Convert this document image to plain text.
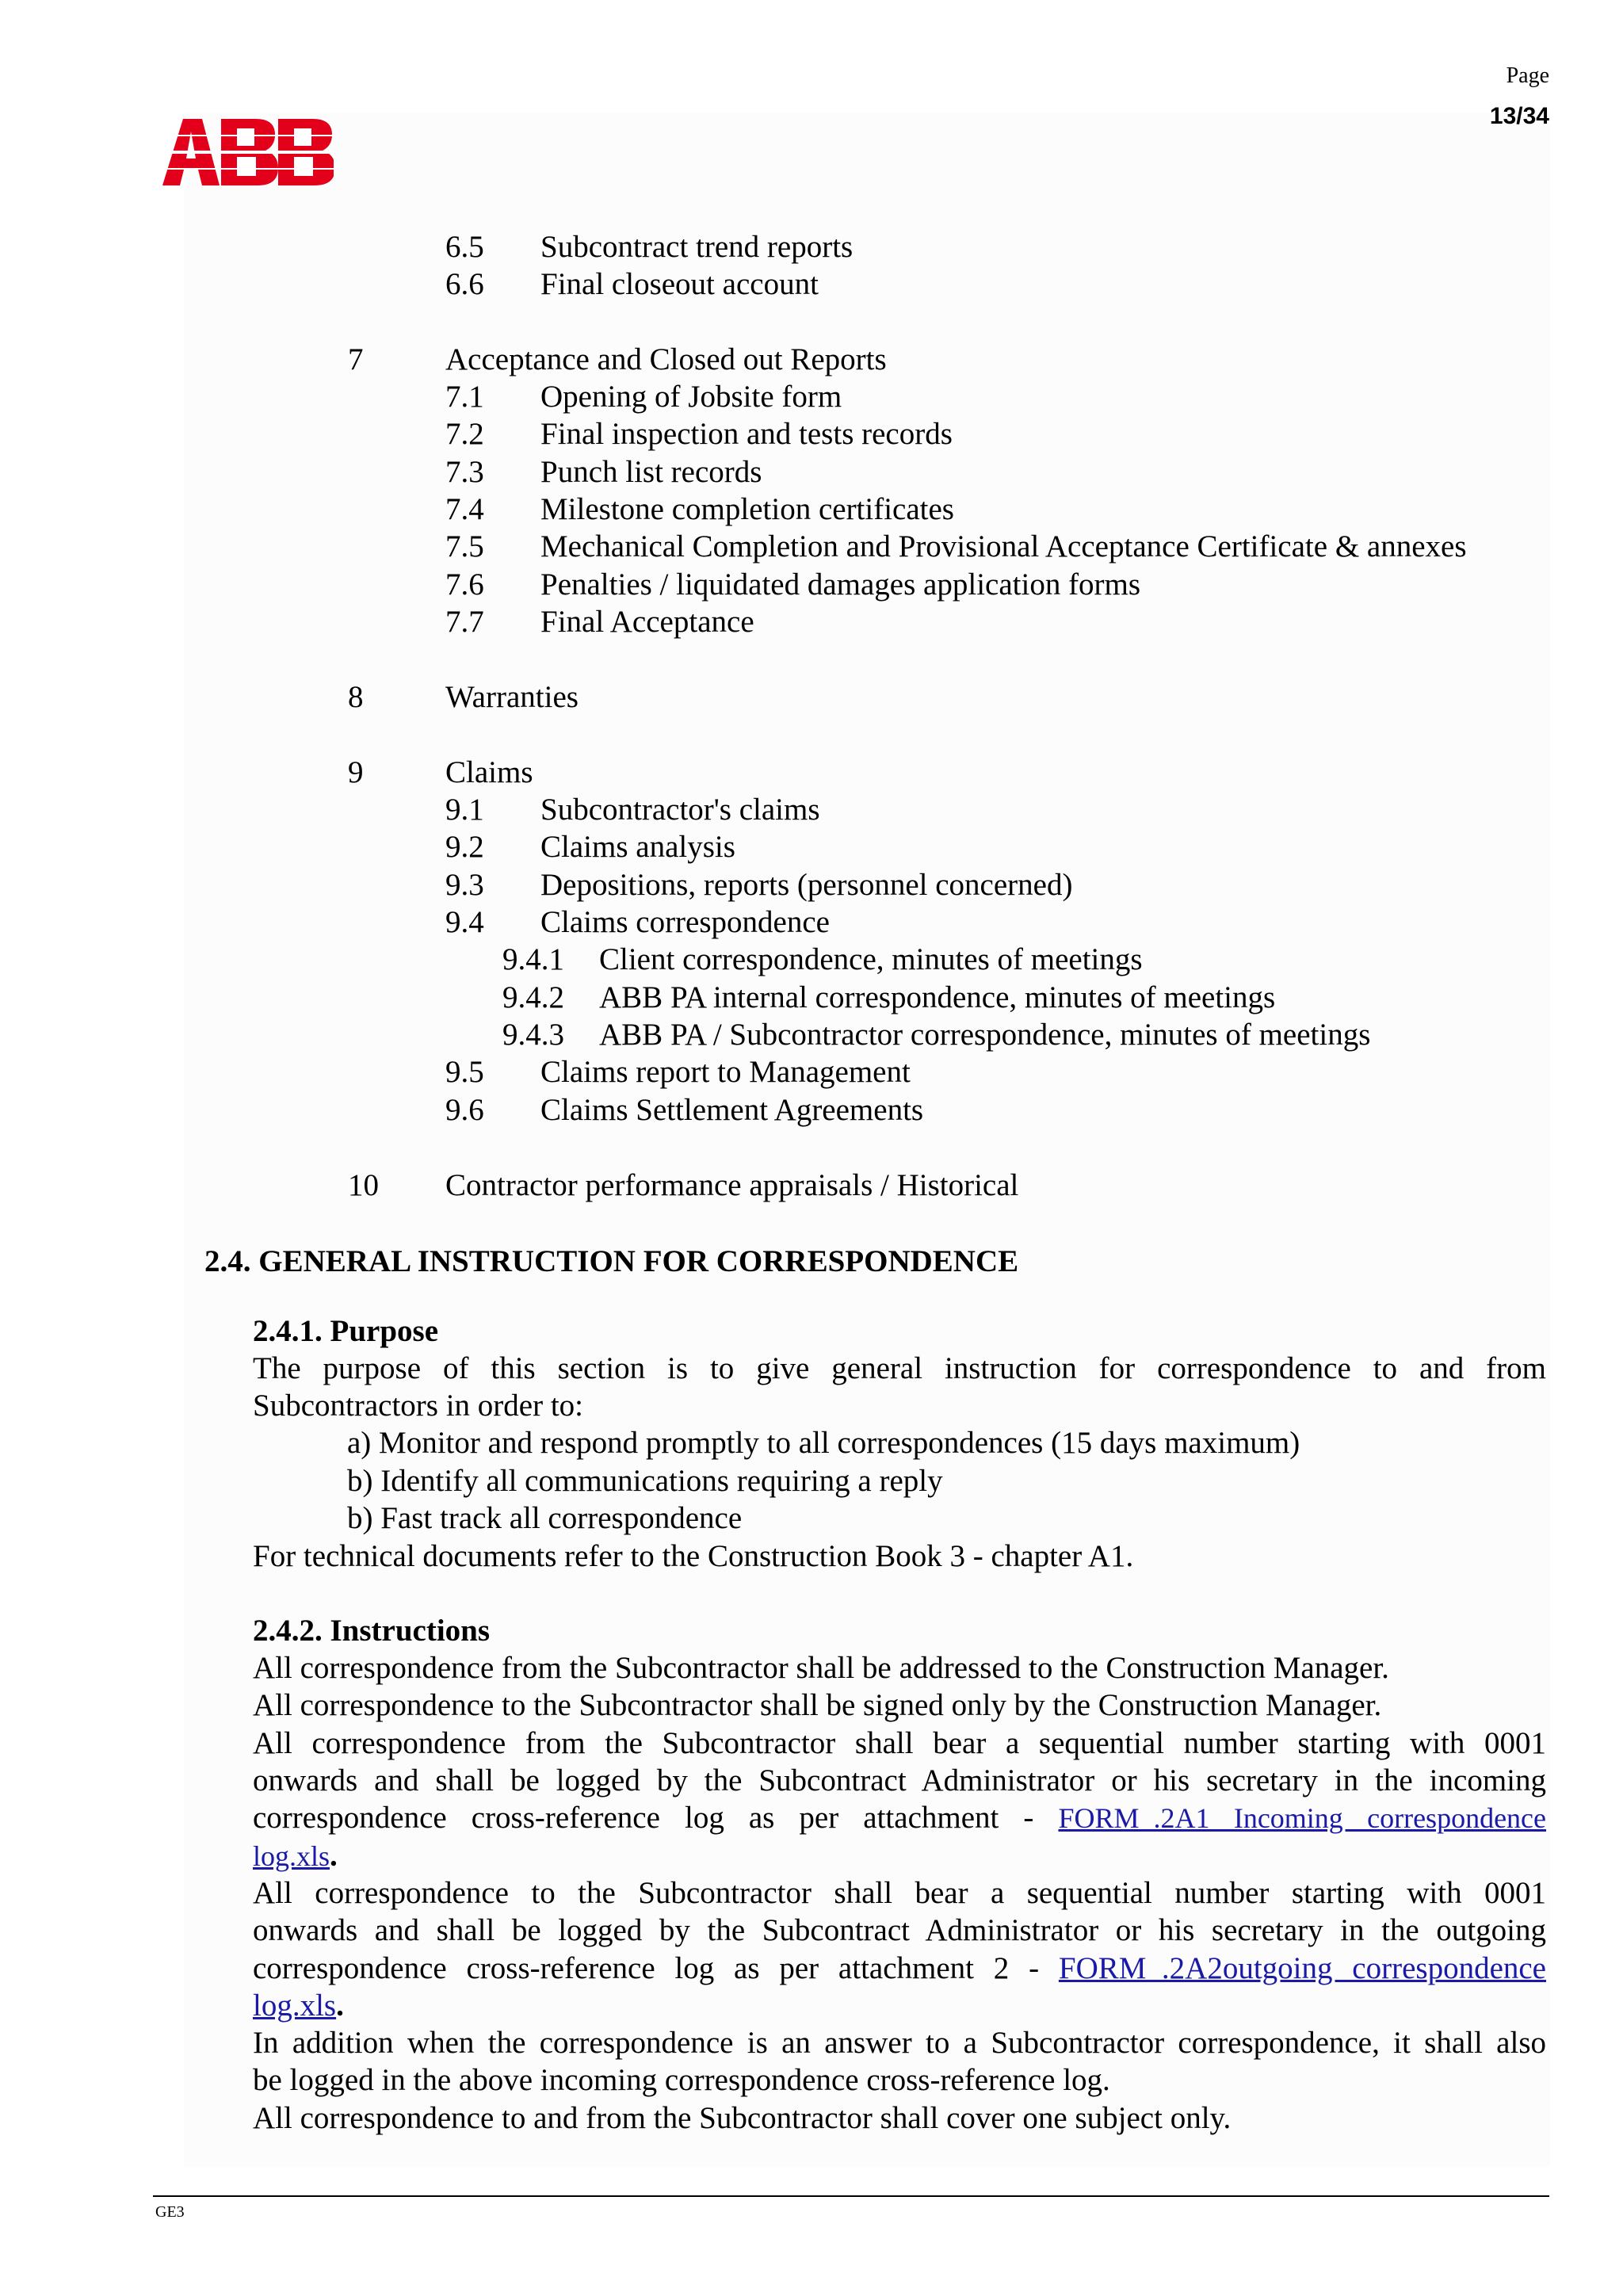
Page
13/34
6.5 Subcontract trend reports
6.6 Final closeout account
7	Acceptance and Closed out Reports
7.1 Opening of Jobsite form
7.2 Final inspection and tests records
7.3 Punch list records
7.4 Milestone completion certificates
7.5 Mechanical Completion and Provisional Acceptance Certificate & annexes
7.6 Penalties / liquidated damages application forms
7.7 Final Acceptance
8	Warranties
9	Claims
9.1 Subcontractor's claims
9.2 Claims analysis
9.3 Depositions, reports (personnel concerned)
9.4 Claims correspondence
9.4.1 Client correspondence, minutes of meetings
9.4.2 ABB PA internal correspondence, minutes of meetings
9.4.3 ABB PA / Subcontractor correspondence, minutes of meetings
9.5 Claims report to Management
9.6 Claims Settlement Agreements
10 Contractor performance appraisals / Historical
2.4. GENERAL INSTRUCTION FOR CORRESPONDENCE
2.4.1. Purpose
The purpose of this section is to give general instruction for correspondence to and from
Subcontractors in order to:
a) Monitor and respond promptly to all correspondences (15 days maximum)
b) Identify all communications requiring a reply
b) Fast track all correspondence
For technical documents refer to the Construction Book 3 - chapter A1.
2.4.2. Instructions
All correspondence from the Subcontractor shall be addressed to the Construction Manager.
All correspondence to the Subcontractor shall be signed only by the Construction Manager.
All correspondence from the Subcontractor shall bear a sequential number starting with 0001
onwards and shall be logged by the Subcontract Administrator or his secretary in the incoming
correspondence cross-reference log as per attachment - FORM_.2A1 Incoming correspondence
log.xls.
All correspondence to the Subcontractor shall bear a sequential number starting with 0001
onwards and shall be logged by the Subcontract Administrator or his secretary in the outgoing
correspondence cross-reference log as per attachment 2 - FORM_.2A2outgoing correspondence
log.xls.
In addition when the correspondence is an answer to a Subcontractor correspondence, it shall also
be logged in the above incoming correspondence cross-reference log.
All correspondence to and from the Subcontractor shall cover one subject only.
GE3
